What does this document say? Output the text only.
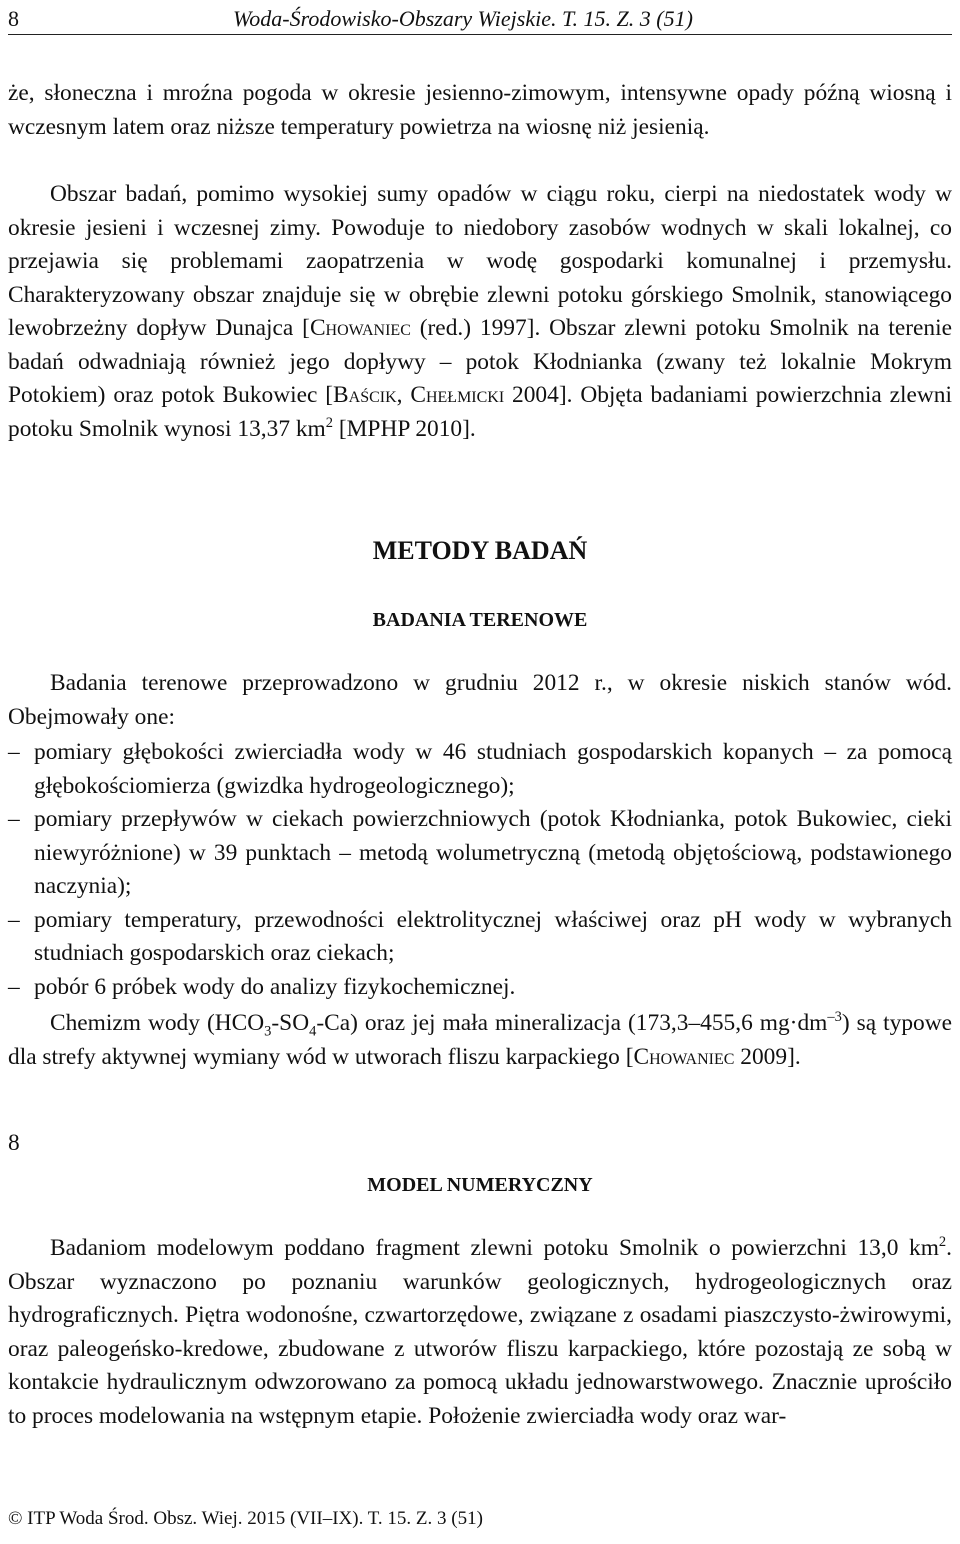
8	Woda-Środowisko-Obszary Wiejskie. T. 15. Z. 3 (51)

że, słoneczna i mroźna pogoda w okresie jesienno-zimowym, intensywne opady późną wiosną i wczesnym latem oraz niższe temperatury powietrza na wiosnę niż jesienią.

Obszar badań, pomimo wysokiej sumy opadów w ciągu roku, cierpi na niedostatek wody w okresie jesieni i wczesnej zimy. Powoduje to niedobory zasobów wodnych w skali lokalnej, co przejawia się problemami zaopatrzenia w wodę gospodarki komunalnej i przemysłu. Charakteryzowany obszar znajduje się w obrębie zlewni potoku górskiego Smolnik, stanowiącego lewobrzeżny dopływ Dunajca [Chowaniec (red.) 1997]. Obszar zlewni potoku Smolnik na terenie badań odwadniają również jego dopływy – potok Kłodnianka (zwany też lokalnie Mokrym Potokiem) oraz potok Bukowiec [Baścik, Chełmicki 2004]. Objęta badaniami powierzchnia zlewni potoku Smolnik wynosi 13,37 $km^2$ [MPHP 2010].

METODY BADAŃ
BADANIA TERENOWE

Badania terenowe przeprowadzono w grudniu 2012 r., w okresie niskich stanów wód. Obejmowały one:

– pomiary głębokości zwierciadła wody w 46 studniach gospodarskich kopanych – za pomocą głębokościomierza (gwizdka hydrogeologicznego);
– pomiary przepływów w ciekach powierzchniowych (potok Kłodnianka, potok Bukowiec, cieki niewyróżnione) w 39 punktach – metodą wolumetryczną (metodą objętościową, podstawionego naczynia);
– pomiary temperatury, przewodności elektrolitycznej właściwej oraz pH wody w wybranych studniach gospodarskich oraz ciekach;
– pobór 6 próbek wody do analizy fizykochemicznej.

Chemizm wody $(HCO_3-SO_4-Ca)$ oraz jej mała mineralizacja (173,3–455,6 $mg\cdot dm^{-3}$) są typowe dla strefy aktywnej wymiany wód w utworach fliszu karpackiego [Chowaniec 2009].

8
MODEL NUMERYCZNY

Badaniom modelowym poddano fragment zlewni potoku Smolnik o powierzchni 13,0 $km^2$. Obszar wyznaczono po poznaniu warunków geologicznych, hydrogeologicznych oraz hydrograficznych. Piętra wodonośne, czwartorzędowe, związane z osadami piaszczysto-żwirowymi, oraz paleogeńsko-kredowe, zbudowane z utworów fliszu karpackiego, które pozostają ze sobą w kontakcie hydraulicznym odwzorowano za pomocą układu jednowarstwowego. Znacznie uprościło to proces modelowania na wstępnym etapie. Położenie zwierciadła wody oraz war-

© ITP Woda Środ. Obsz. Wiej. 2015 (VII–IX). T. 15. Z. 3 (51)
